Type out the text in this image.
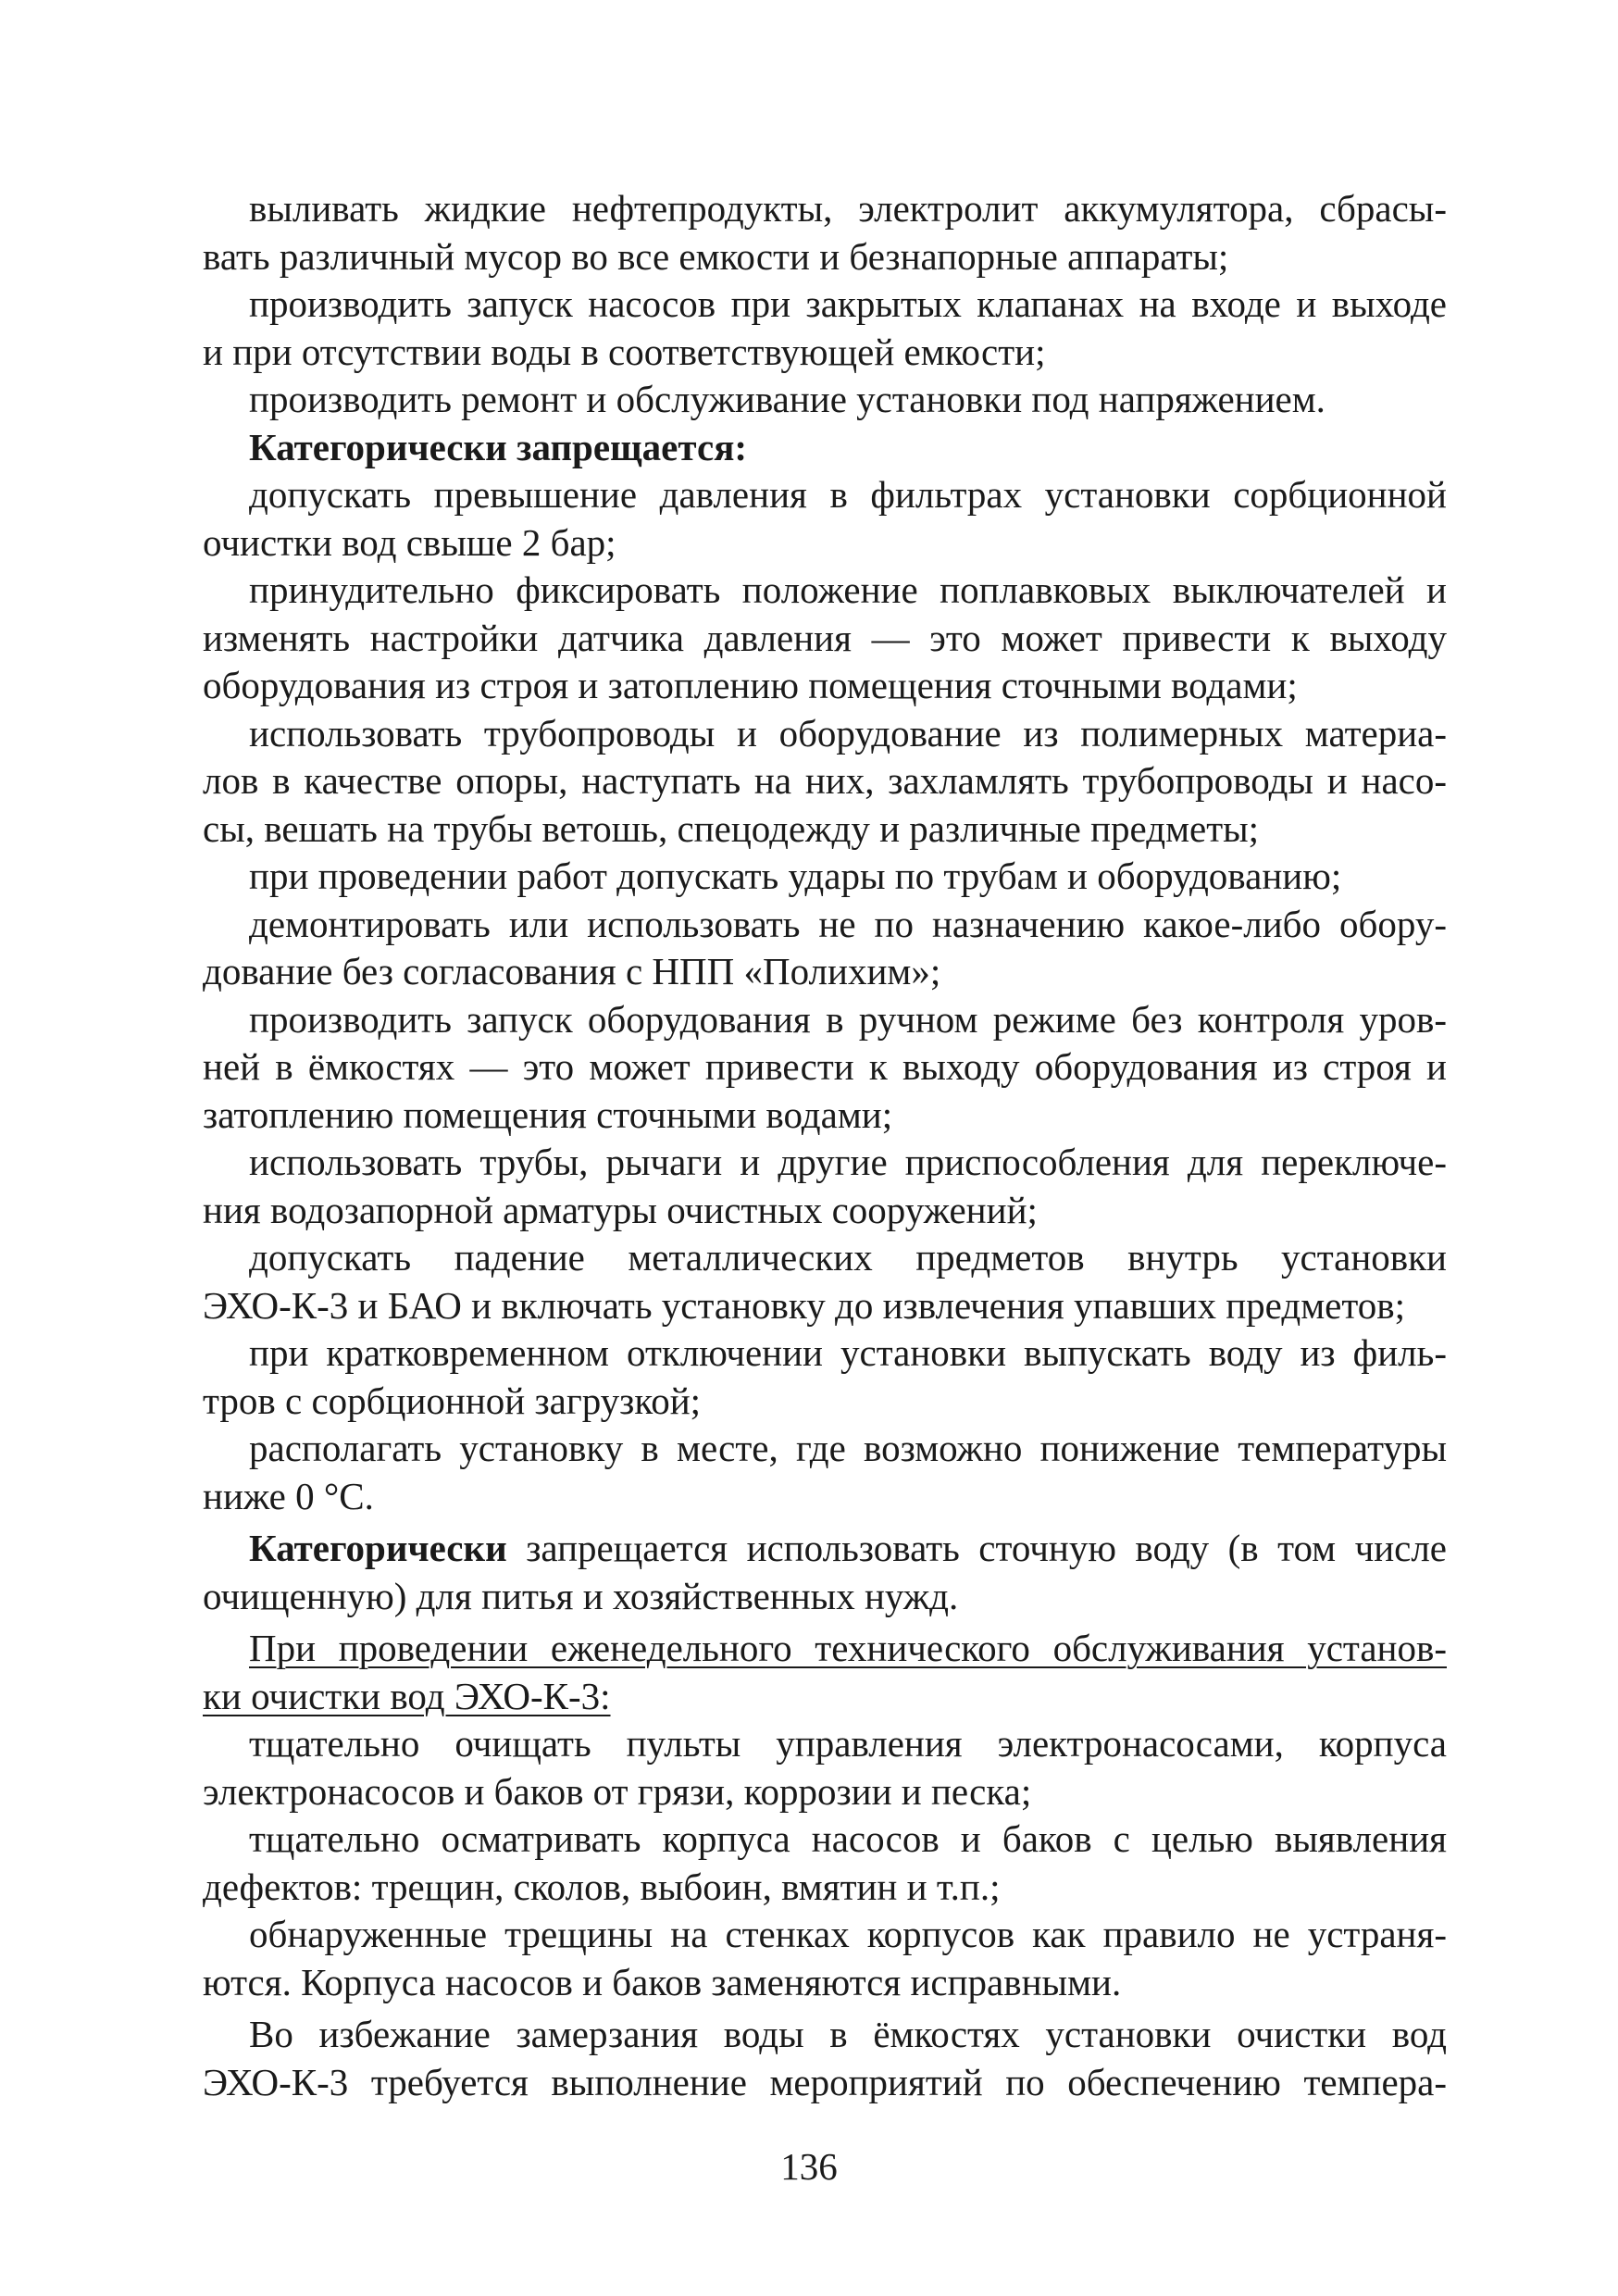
выливать жидкие нефтепродукты, электролит аккумулятора, сбрасы-
вать различный мусор во все емкости и безнапорные аппараты;
производить запуск насосов при закрытых клапанах на входе и выходе
и при отсутствии воды в соответствующей емкости;
производить ремонт и обслуживание установки под напряжением.
Категорически запрещается:
допускать превышение давления в фильтрах установки сорбционной
очистки вод свыше 2 бар;
принудительно фиксировать положение поплавковых выключателей и
изменять настройки датчика давления — это может привести к выходу
оборудования из строя и затоплению помещения сточными водами;
использовать трубопроводы и оборудование из полимерных материа-
лов в качестве опоры, наступать на них, захламлять трубопроводы и насо-
сы, вешать на трубы ветошь, спецодежду и различные предметы;
при проведении работ допускать удары по трубам и оборудованию;
демонтировать или использовать не по назначению какое-либо обору-
дование без согласования с НПП «Полихим»;
производить запуск оборудования в ручном режиме без контроля уров-
ней в ёмкостях — это может привести к выходу оборудования из строя и
затоплению помещения сточными водами;
использовать трубы, рычаги и другие приспособления для переключе-
ния водозапорной арматуры очистных сооружений;
допускать падение металлических предметов внутрь установки
ЭХО-К-3 и БАО и включать установку до извлечения упавших предметов;
при кратковременном отключении установки выпускать воду из филь-
тров с сорбционной загрузкой;
располагать установку в месте, где возможно понижение температуры
ниже 0 °С.
Категорически запрещается использовать сточную воду (в том числе
очищенную) для питья и хозяйственных нужд.
При проведении еженедельного технического обслуживания установ-
ки очистки вод ЭХО-К-3:
тщательно очищать пульты управления электронасосами, корпуса
электронасосов и баков от грязи, коррозии и песка;
тщательно осматривать корпуса насосов и баков с целью выявления
дефектов: трещин, сколов, выбоин, вмятин и т.п.;
обнаруженные трещины на стенках корпусов как правило не устраня-
ются. Корпуса насосов и баков заменяются исправными.
Во избежание замерзания воды в ёмкостях установки очистки вод
ЭХО-К-3 требуется выполнение мероприятий по обеспечению темпера-
136
